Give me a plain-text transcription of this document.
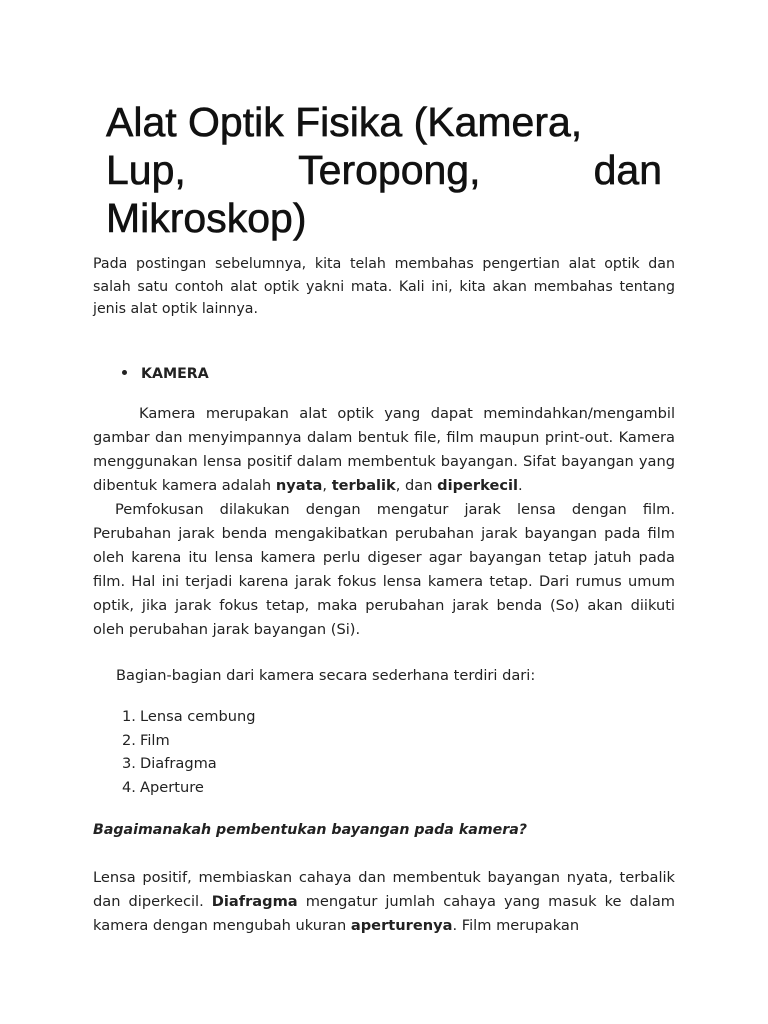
Alat Optik Fisika (Kamera,

Lup, Teropong, dan
Mikroskop)

Pada postingan sebelumnya, kita telah membahas pengertian alat optik dan salah satu contoh alat optik yakni mata. Kali ini, kita akan membahas tentang jenis alat optik lainnya.

KAMERA

Kamera merupakan alat optik yang dapat memindahkan/mengambil gambar dan menyimpannya dalam bentuk file, film maupun print-out. Kamera menggunakan lensa positif dalam membentuk bayangan. Sifat bayangan yang dibentuk kamera adalah nyata, terbalik, dan diperkecil.

Pemfokusan dilakukan dengan mengatur jarak lensa dengan film. Perubahan jarak benda mengakibatkan perubahan jarak bayangan pada film oleh karena itu lensa kamera perlu digeser agar bayangan tetap jatuh pada film. Hal ini terjadi karena jarak fokus lensa kamera tetap. Dari rumus umum optik, jika jarak fokus tetap, maka perubahan jarak benda (So) akan diikuti oleh perubahan jarak bayangan (Si).

Bagian-bagian dari kamera secara sederhana terdiri dari:
1. Lensa cembung
2. Film
3. Diafragma
4. Aperture
Bagaimanakah pembentukan bayangan pada kamera?

Lensa positif, membiaskan cahaya dan membentuk bayangan nyata, terbalik dan diperkecil. Diafragma mengatur jumlah cahaya yang masuk ke dalam kamera dengan mengubah ukuran aperturenya. Film merupakan
